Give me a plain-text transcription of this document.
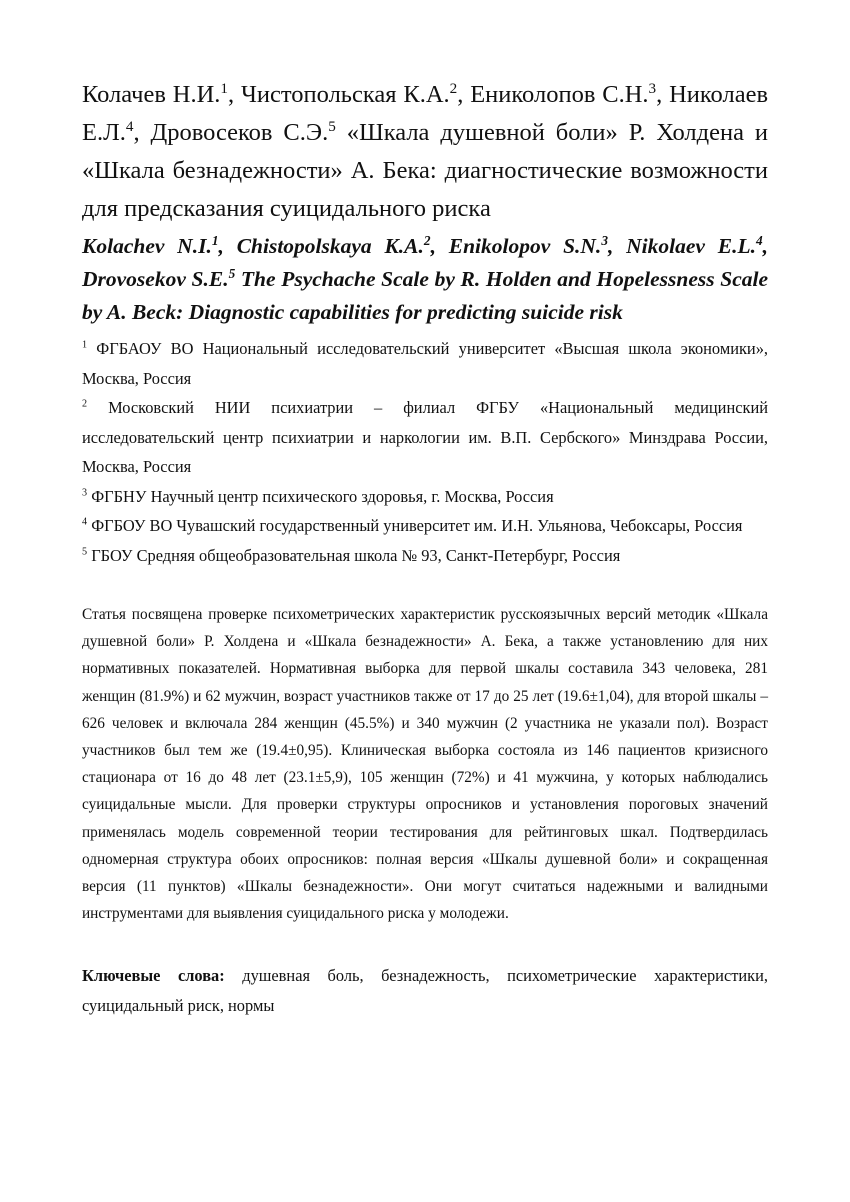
Колачев Н.И.$^1$, Чистопольская К.А.$^2$, Ениколопов С.Н.$^3$, Николаев Е.Л.$^4$, Дровосеков С.Э.$^5$ «Шкала душевной боли» Р. Холдена и «Шкала безнадежности» А. Бека: диагностические возможности для предсказания суицидального риска

Kolachev N.I.$^1$, Chistopolskaya K.A.$^2$, Enikolopov S.N.$^3$, Nikolaev E.L.$^4$, Drovosekov S.E.$^5$ The Psychache Scale by R. Holden and Hopelessness Scale by A. Beck: Diagnostic capabilities for predicting suicide risk

$^1$ ФГБАОУ ВО Национальный исследовательский университет «Высшая школа экономики», Москва, Россия

$^2$ Московский НИИ психиатрии – филиал ФГБУ «Национальный медицинский исследовательский центр психиатрии и наркологии им. В.П. Сербского» Минздрава России, Москва, Россия

$^3$ ФГБНУ Научный центр психического здоровья, г. Москва, Россия

$^4$ ФГБОУ ВО Чувашский государственный университет им. И.Н. Ульянова, Чебоксары, Россия

$^5$ ГБОУ Средняя общеобразовательная школа № 93, Санкт-Петербург, Россия

Статья посвящена проверке психометрических характеристик русскоязычных версий методик «Шкала душевной боли» Р. Холдена и «Шкала безнадежности» А. Бека, а также установлению для них нормативных показателей. Нормативная выборка для первой шкалы составила 343 человека, 281 женщин (81.9%) и 62 мужчин, возраст участников также от 17 до 25 лет (19.6±1,04), для второй шкалы – 626 человек и включала 284 женщин (45.5%) и 340 мужчин (2 участника не указали пол). Возраст участников был тем же (19.4±0,95). Клиническая выборка состояла из 146 пациентов кризисного стационара от 16 до 48 лет (23.1±5,9), 105 женщин (72%) и 41 мужчина, у которых наблюдались суицидальные мысли. Для проверки структуры опросников и установления пороговых значений применялась модель современной теории тестирования для рейтинговых шкал. Подтвердилась одномерная структура обоих опросников: полная версия «Шкалы душевной боли» и сокращенная версия (11 пунктов) «Шкалы безнадежности». Они могут считаться надежными и валидными инструментами для выявления суицидального риска у молодежи.

Ключевые слова: душевная боль, безнадежность, психометрические характеристики, суицидальный риск, нормы
